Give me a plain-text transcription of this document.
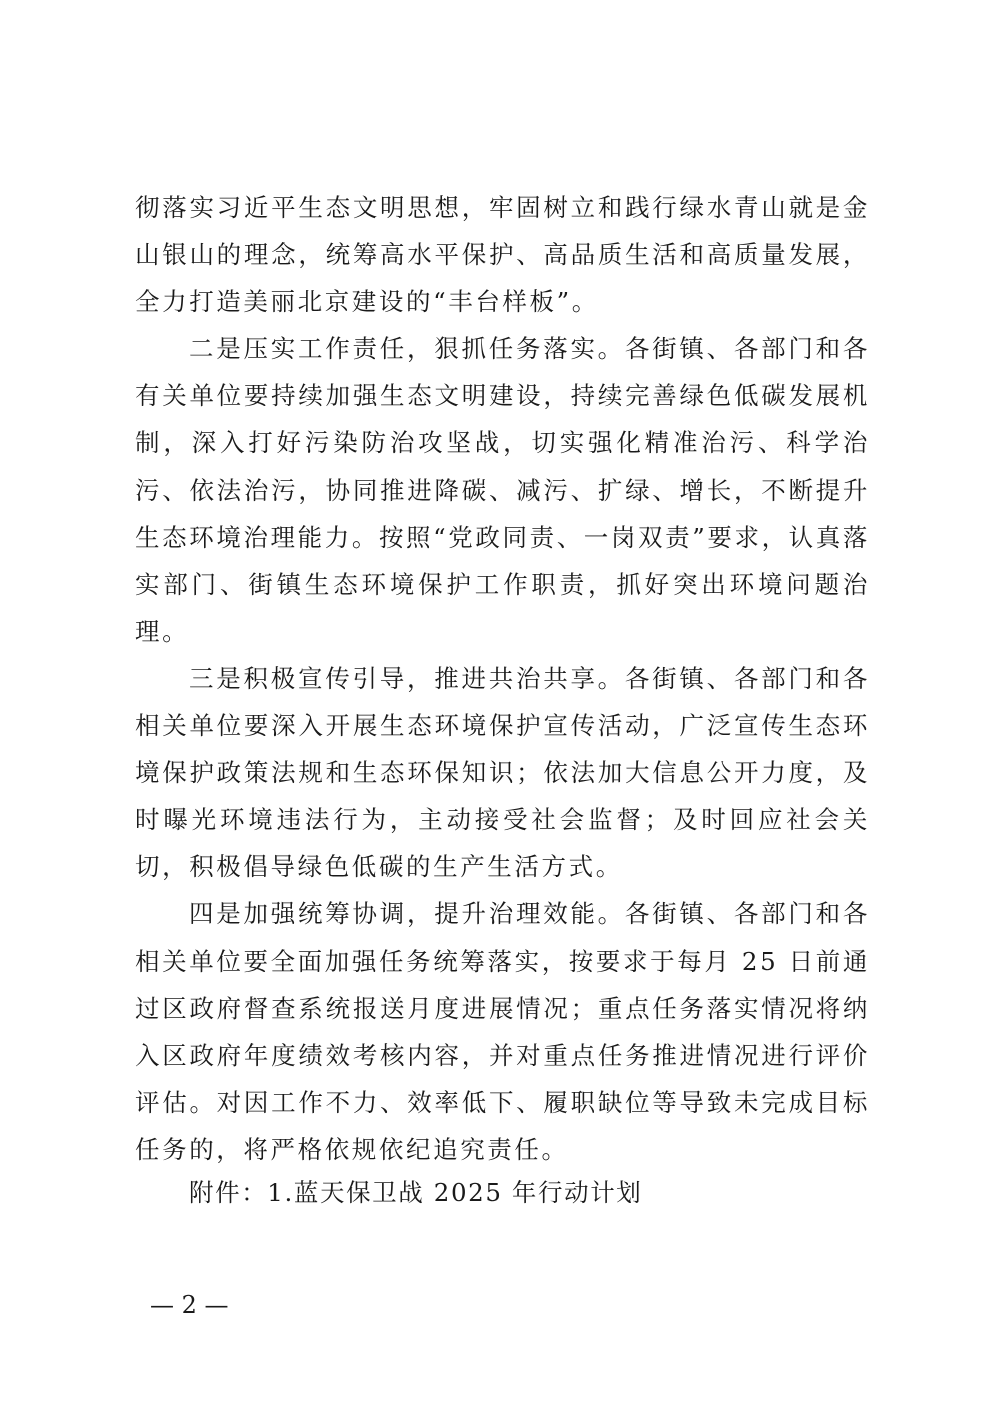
彻落实习近平生态文明思想，牢固树立和践行绿水青山就是金山银山的理念，统筹高水平保护、高品质生活和高质量发展，全力打造美丽北京建设的“丰台样板”。

二是压实工作责任，狠抓任务落实。各街镇、各部门和各有关单位要持续加强生态文明建设，持续完善绿色低碳发展机制，深入打好污染防治攻坚战，切实强化精准治污、科学治污、依法治污，协同推进降碳、减污、扩绿、增长，不断提升生态环境治理能力。按照“党政同责、一岗双责”要求，认真落实部门、街镇生态环境保护工作职责，抓好突出环境问题治理。

三是积极宣传引导，推进共治共享。各街镇、各部门和各相关单位要深入开展生态环境保护宣传活动，广泛宣传生态环境保护政策法规和生态环保知识；依法加大信息公开力度，及时曝光环境违法行为，主动接受社会监督；及时回应社会关切，积极倡导绿色低碳的生产生活方式。

四是加强统筹协调，提升治理效能。各街镇、各部门和各相关单位要全面加强任务统筹落实，按要求于每月 25 日前通过区政府督查系统报送月度进展情况；重点任务落实情况将纳入区政府年度绩效考核内容，并对重点任务推进情况进行评价评估。对因工作不力、效率低下、履职缺位等导致未完成目标任务的，将严格依规依纪追究责任。

附件：1.蓝天保卫战 2025 年行动计划
— 2 —
